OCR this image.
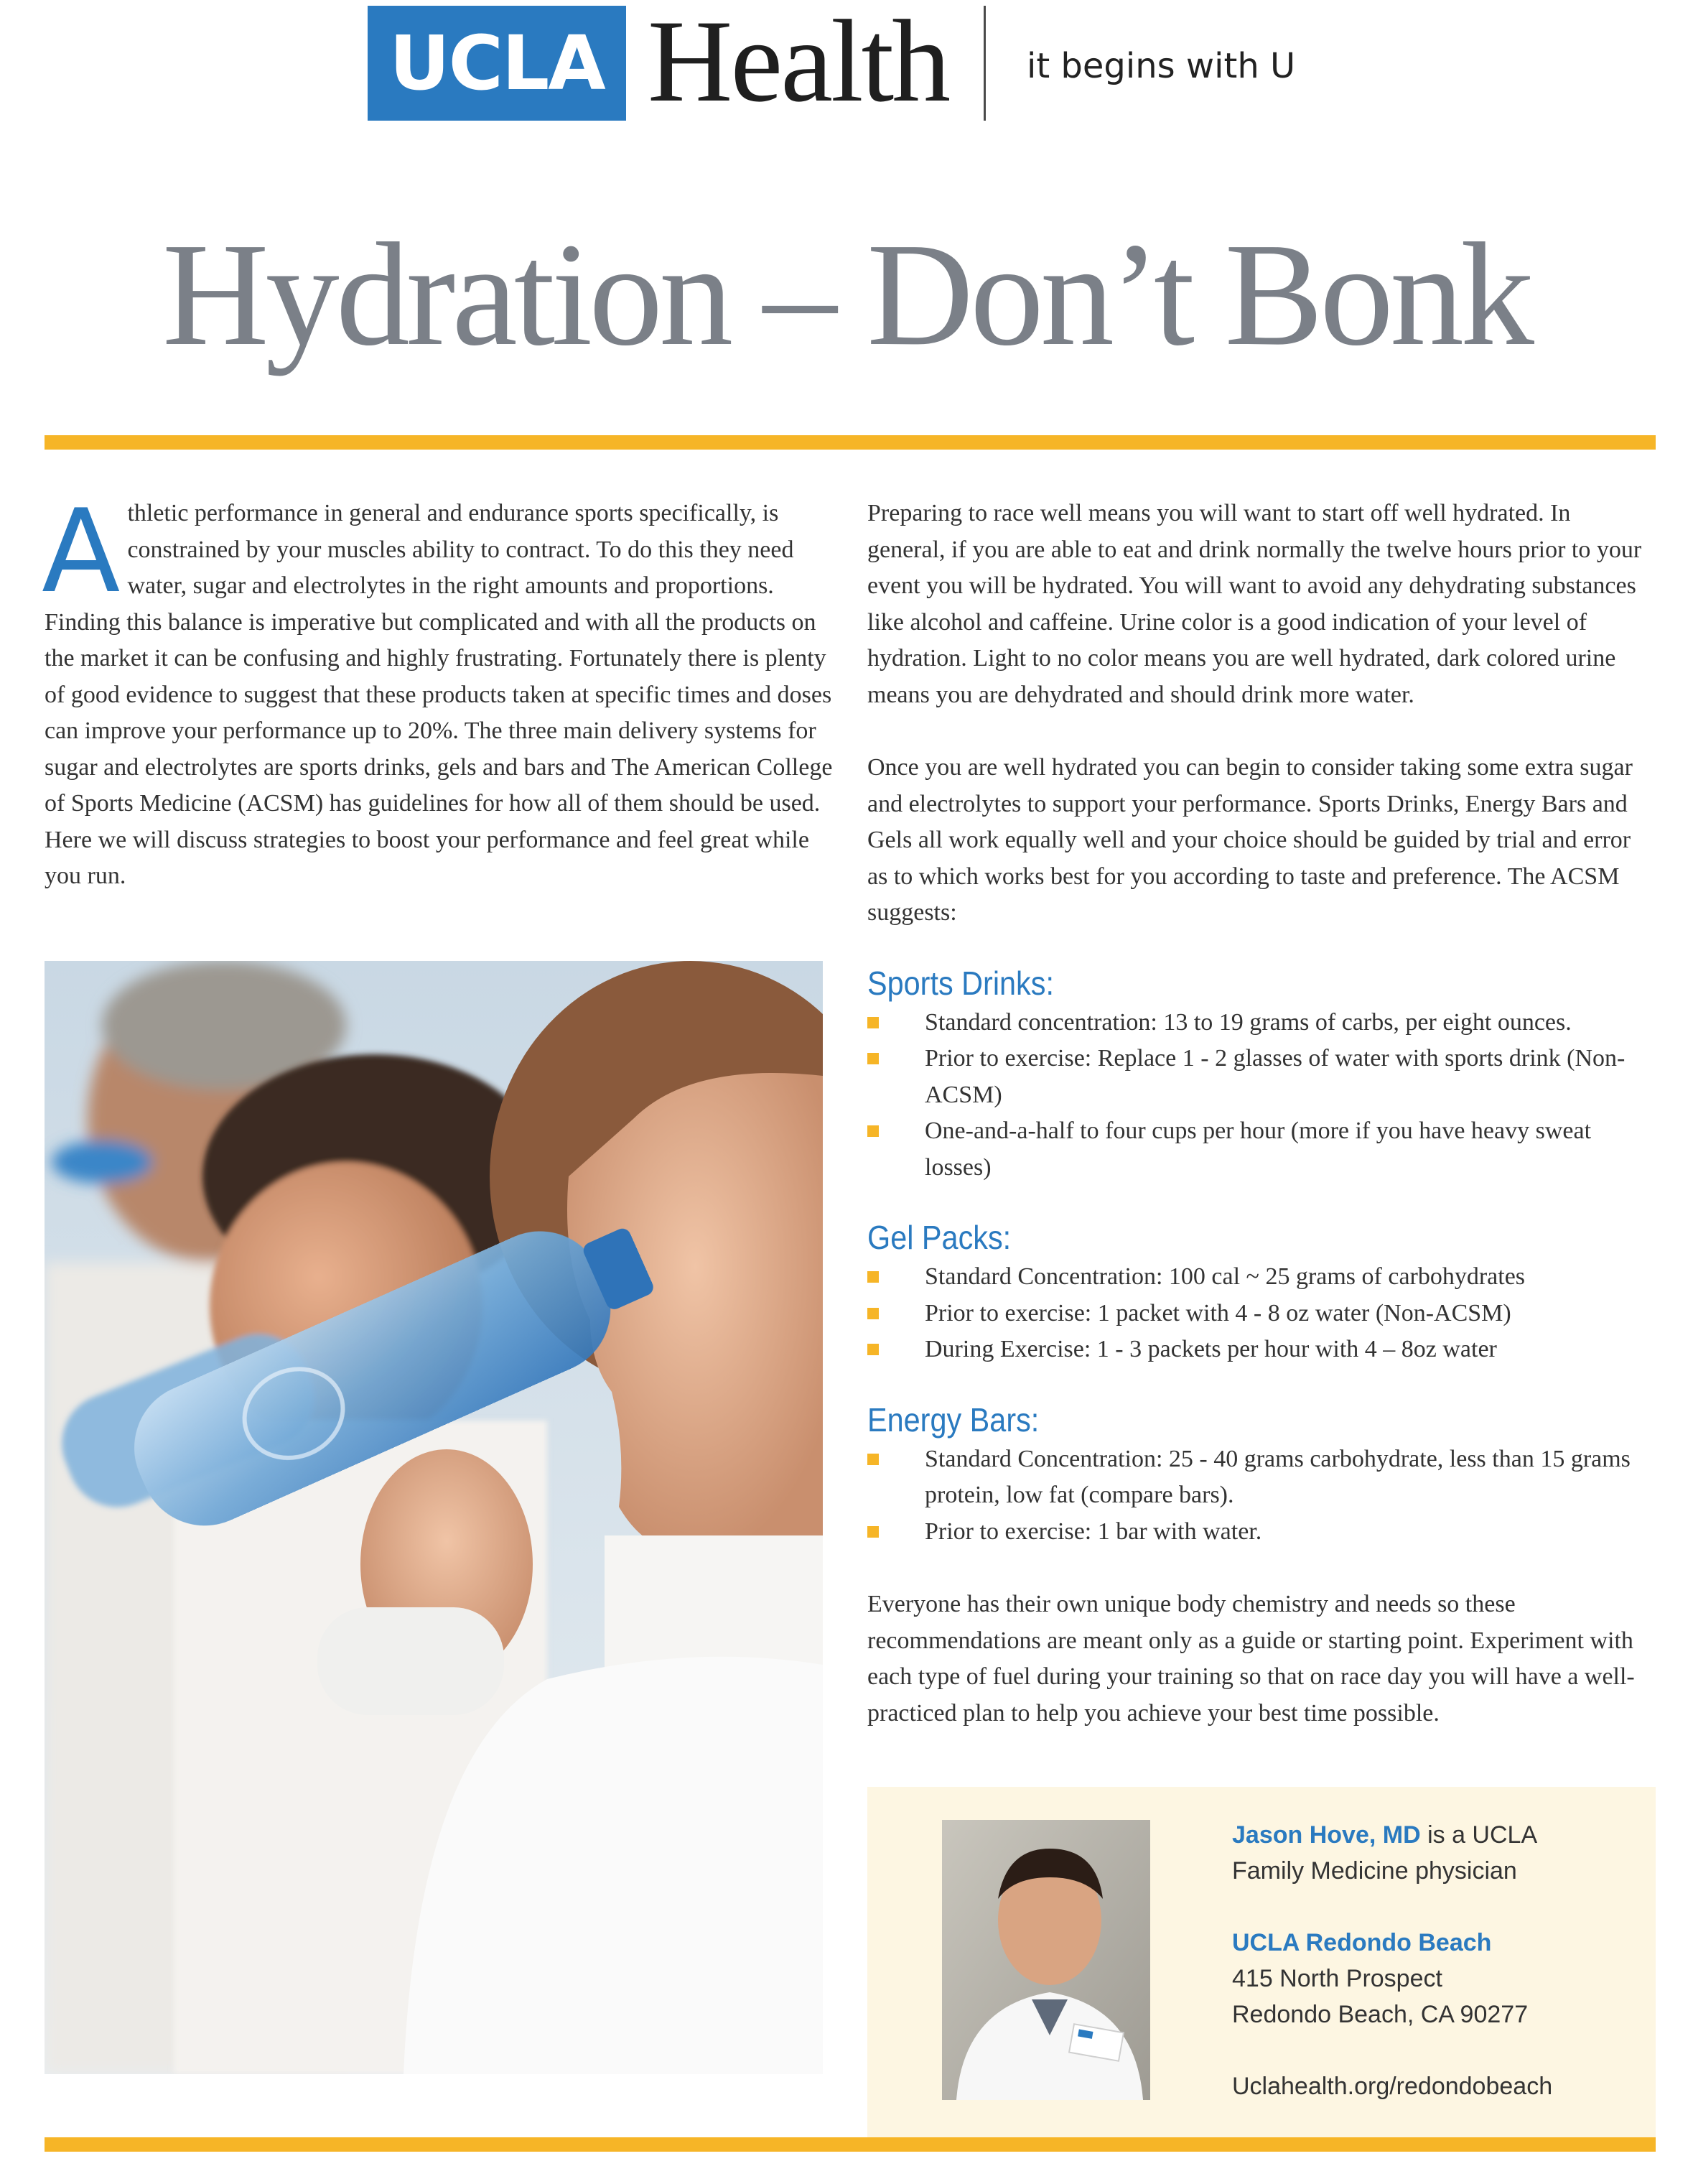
UCLA Health it begins with U
Hydration – Don’t Bonk
A thletic performance in general and endurance sports specifically, is constrained by your muscles ability to contract. To do this they need water, sugar and electrolytes in the right amounts and proportions. Finding this balance is imperative but complicated and with all the products on the market it can be confusing and highly frustrating. Fortunately there is plenty of good evidence to suggest that these products taken at specific times and doses can improve your performance up to 20%. The three main delivery systems for sugar and electrolytes are sports drinks, gels and bars and The American College of Sports Medicine (ACSM) has guidelines for how all of them should be used. Here we will discuss strategies to boost your performance and feel great while you run.

Preparing to race well means you will want to start off well hydrated. In general, if you are able to eat and drink normally the twelve hours prior to your event you will be hydrated. You will want to avoid any dehydrating substances like alcohol and caffeine. Urine color is a good indication of your level of hydration. Light to no color means you are well hydrated, dark colored urine means you are dehydrated and should drink more water.

Once you are well hydrated you can begin to consider taking some extra sugar and electrolytes to support your performance. Sports Drinks, Energy Bars and Gels all work equally well and your choice should be guided by trial and error as to which works best for you according to taste and preference. The ACSM suggests:

Sports Drinks:
Standard concentration: 13 to 19 grams of carbs, per eight ounces.
Prior to exercise: Replace 1 - 2 glasses of water with sports drink (Non-ACSM)
One-and-a-half to four cups per hour (more if you have heavy sweat losses)
Gel Packs:
Standard Concentration: 100 cal ~ 25 grams of carbohydrates
Prior to exercise: 1 packet with 4 - 8 oz water (Non-ACSM)
During Exercise: 1 - 3 packets per hour with 4 – 8oz water
Energy Bars:
Standard Concentration: 25 - 40 grams carbohydrate, less than 15 grams protein, low fat (compare bars).
Prior to exercise: 1 bar with water.

Everyone has their own unique body chemistry and needs so these recommendations are meant only as a guide or starting point. Experiment with each type of fuel during your training so that on race day you will have a well-practiced plan to help you achieve your best time possible.

Jason Hove, MD is a UCLA

Family Medicine physician

UCLA Redondo Beach

415 North Prospect

Redondo Beach, CA 90277

Uclahealth.org/redondobeach
